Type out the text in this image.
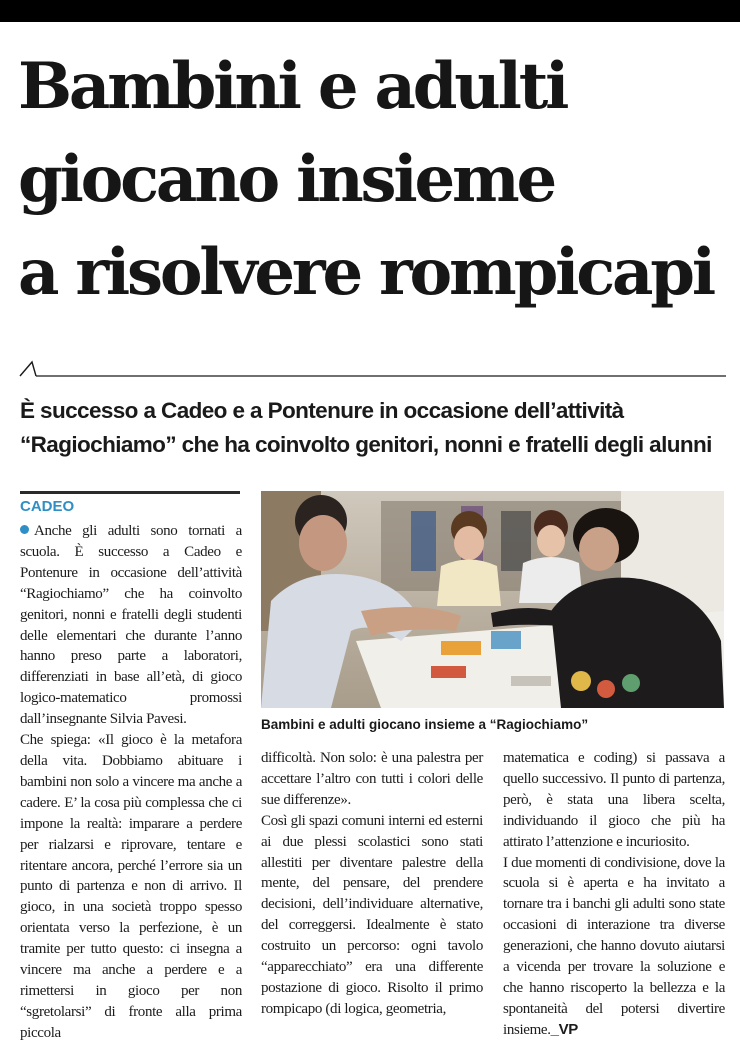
Bambini e adulti
giocano insieme
a risolvere rompicapi
È successo a Cadeo e a Pontenure in occasione dell’attività
“Ragiochiamo” che ha coinvolto genitori, nonni e fratelli degli alunni
CADEO

Anche gli adulti sono tornati a scuola. È successo a Cadeo e Pontenure in occasione dell’attività “Ragiochiamo” che ha coinvolto genitori, nonni e fratelli degli studenti delle elementari che durante l’anno hanno preso parte a laboratori, differenziati in base all’età, di gioco logico-matematico promossi dall’insegnante Silvia Pavesi.

Che spiega: «Il gioco è la metafora della vita. Dobbiamo abituare i bambini non solo a vincere ma anche a cadere. E’ la cosa più complessa che ci impone la realtà: imparare a perdere per rialzarsi e riprovare, tentare e ritentare ancora, perché l’errore sia un punto di partenza e non di arrivo. Il gioco, in una società troppo spesso orientata verso la perfezione, è un tramite per tutto questo: ci insegna a vincere ma anche a perdere e a rimettersi in gioco per non “sgretolarsi” di fronte alla prima piccola

Bambini e adulti giocano insieme a “Ragiochiamo”

difficoltà. Non solo: è una palestra per accettare l’altro con tutti i colori delle sue differenze».

Così gli spazi comuni interni ed esterni ai due plessi scolastici sono stati allestiti per diventare palestre della mente, del pensare, del prendere decisioni, dell’individuare alternative, del correggersi. Idealmente è stato costruito un percorso: ogni tavolo “apparecchiato” era una differente postazione di gioco. Risolto il primo rompicapo (di logica, geometria,

matematica e coding) si passava a quello successivo. Il punto di partenza, però, è stata una libera scelta, individuando il gioco che più ha attirato l’attenzione e incuriosito.

I due momenti di condivisione, dove la scuola si è aperta e ha invitato a tornare tra i banchi gli adulti sono state occasioni di interazione tra diverse generazioni, che hanno dovuto aiutarsi a vicenda per trovare la soluzione e che hanno riscoperto la bellezza e la spontaneità del potersi divertire insieme._VP
